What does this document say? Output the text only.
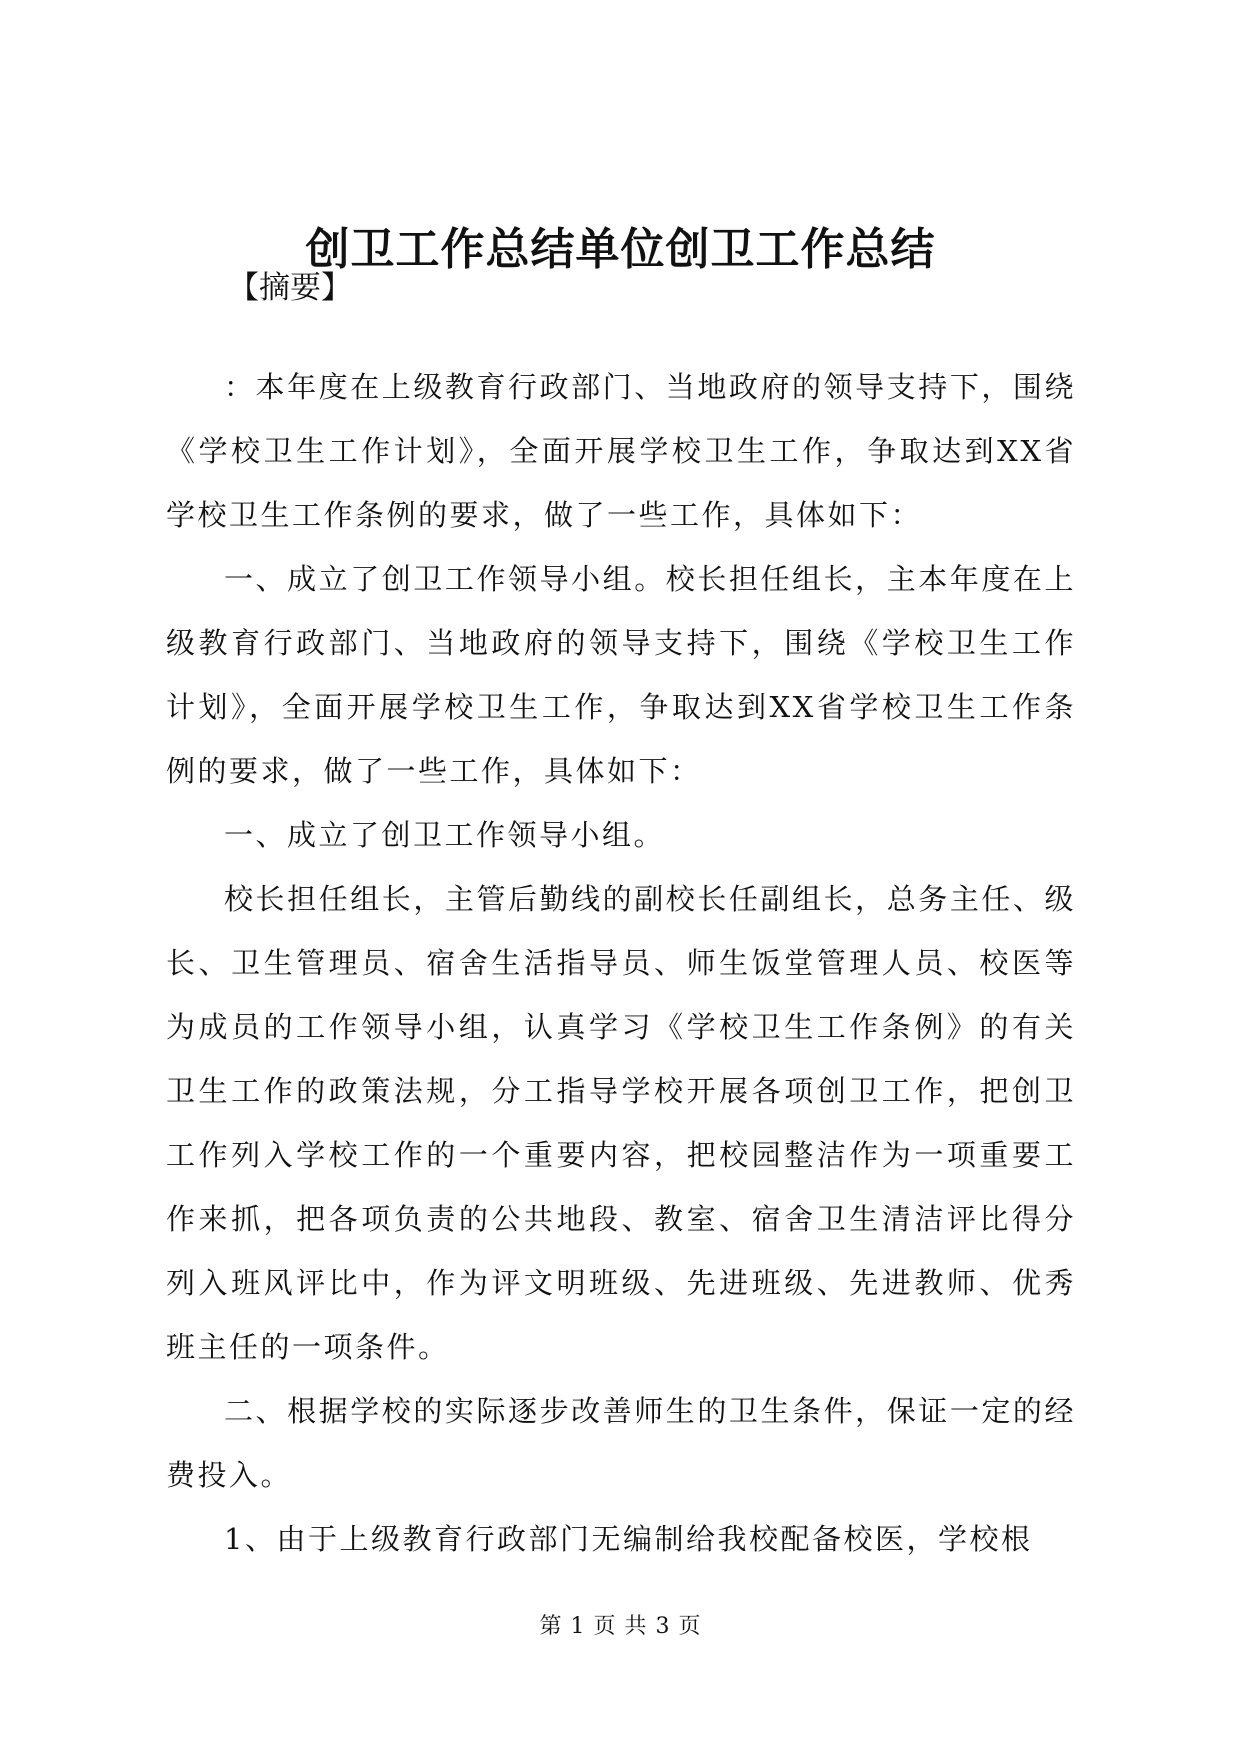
创卫工作总结单位创卫工作总结
【摘要】

：本年度在上级教育行政部门、当地政府的领导支持下，围绕《学校卫生工作计划》，全面开展学校卫生工作，争取达到XX省学校卫生工作条例的要求，做了一些工作，具体如下：

一、成立了创卫工作领导小组。校长担任组长，主本年度在上级教育行政部门、当地政府的领导支持下，围绕《学校卫生工作计划》，全面开展学校卫生工作，争取达到XX省学校卫生工作条例的要求，做了一些工作，具体如下：

一、成立了创卫工作领导小组。

校长担任组长，主管后勤线的副校长任副组长，总务主任、级长、卫生管理员、宿舍生活指导员、师生饭堂管理人员、校医等为成员的工作领导小组，认真学习《学校卫生工作条例》的有关卫生工作的政策法规，分工指导学校开展各项创卫工作，把创卫工作列入学校工作的一个重要内容，把校园整洁作为一项重要工作来抓，把各项负责的公共地段、教室、宿舍卫生清洁评比得分列入班风评比中，作为评文明班级、先进班级、先进教师、优秀班主任的一项条件。

二、根据学校的实际逐步改善师生的卫生条件，保证一定的经费投入。

1、由于上级教育行政部门无编制给我校配备校医，学校根

第 1 页 共 3 页
